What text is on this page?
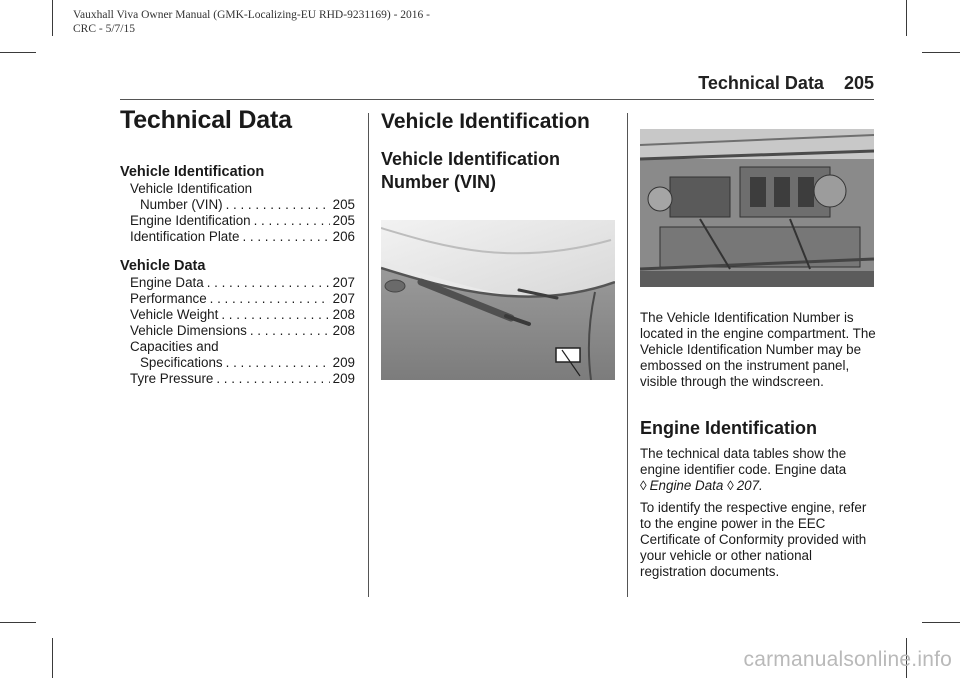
Vauxhall Viva Owner Manual (GMK-Localizing-EU RHD-9231169) - 2016 -
CRC - 5/7/15
Technical Data 205
Technical Data
Vehicle Identification
Vehicle Identification
Number (VIN) . . .	205
Engine Identification . . .	205
Identification Plate . . .	206
Vehicle Data
Engine Data . . .	207
Performance . . .	207
Vehicle Weight . . .	208
Vehicle Dimensions . . .	208
Capacities and
Specifications . . .	209
Tyre Pressure . . .	209
Vehicle Identification
Vehicle Identification Number (VIN)

The Vehicle Identification Number is located in the engine compartment. The Vehicle Identification Number may be embossed on the instrument panel, visible through the windscreen.

Engine Identification

The technical data tables show the engine identifier code. Engine data
◊ Engine Data ◊ 207.

To identify the respective engine, refer to the engine power in the EEC Certificate of Conformity provided with your vehicle or other national registration documents.

carmanualsonline.info
